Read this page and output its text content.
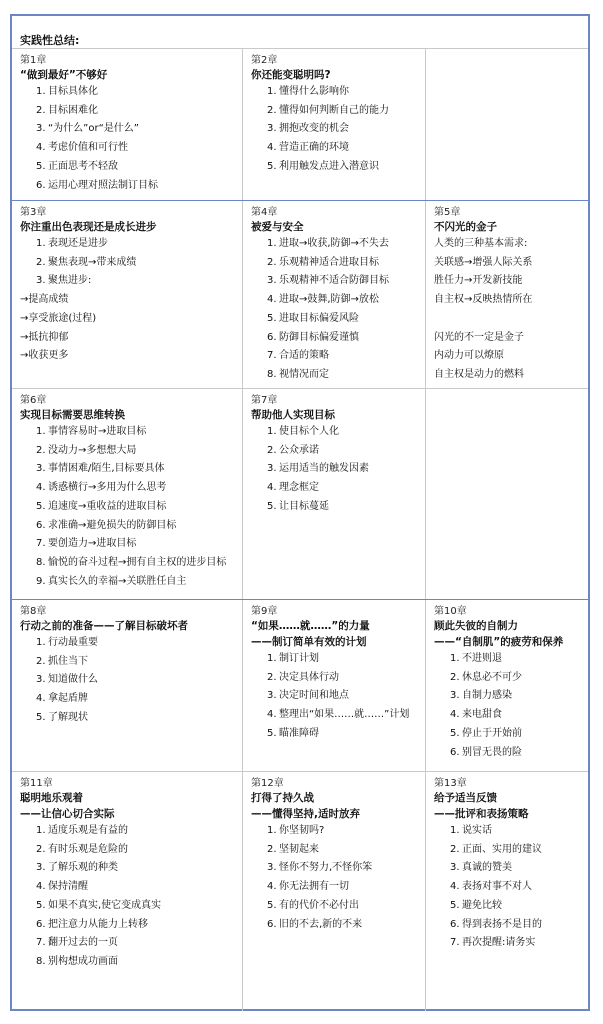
实践性总结:
第1章
“做到最好”不够好
1. 目标具体化
2. 目标困难化
3. “为什么”or“是什么”
4. 考虑价值和可行性
5. 正面思考不轻敌
6. 运用心理对照法制订目标
第2章
你还能变聪明吗?
1. 懂得什么影响你
2. 懂得如何判断自己的能力
3. 拥抱改变的机会
4. 营造正确的环境
5. 利用触发点进入潜意识
第3章
你注重出色表现还是成长进步
1. 表现还是进步
2. 聚焦表现→带来成绩
3. 聚焦进步:
→提高成绩
→享受旅途(过程)
→抵抗抑郁
→收获更多
第4章
被爱与安全
1. 进取→收获,防御→不失去
2. 乐观精神适合进取目标
3. 乐观精神不适合防御目标
4. 进取→鼓舞,防御→放松
5. 进取目标偏爱风险
6. 防御目标偏爱谨慎
7. 合适的策略
8. 视情况而定
第5章
不闪光的金子
人类的三种基本需求:
关联感→增强人际关系
胜任力→开发新技能
自主权→反映热情所在
闪光的不一定是金子
内动力可以燎原
自主权是动力的燃料
第6章
实现目标需要思维转换
1. 事情容易时→进取目标
2. 没动力→多想想大局
3. 事情困难/陌生,目标要具体
4. 诱惑横行→多用为什么思考
5. 追速度→重收益的进取目标
6. 求准确→避免损失的防御目标
7. 要创造力→进取目标
8. 愉悦的奋斗过程→拥有自主权的进步目标
9. 真实长久的幸福→关联胜任自主
第7章
帮助他人实现目标
1. 使目标个人化
2. 公众承诺
3. 运用适当的触发因素
4. 理念框定
5. 让目标蔓延
第8章
行动之前的准备——了解目标破坏者
1. 行动最重要
2. 抓住当下
3. 知道做什么
4. 拿起盾牌
5. 了解现状
第9章
“如果……就……”的力量
——制订简单有效的计划
1. 制订计划
2. 决定具体行动
3. 决定时间和地点
4. 整理出“如果……就……”计划
5. 瞄准障碍
第10章
顾此失彼的自制力
——“自制肌”的疲劳和保养
1. 不进则退
2. 休息必不可少
3. 自制力感染
4. 来电甜食
5. 停止于开始前
6. 别冒无畏的险
第11章
聪明地乐观着
——让信心切合实际
1. 适度乐观是有益的
2. 有时乐观是危险的
3. 了解乐观的种类
4. 保持清醒
5. 如果不真实,使它变成真实
6. 把注意力从能力上转移
7. 翻开过去的一页
8. 别构想成功画面
第12章
打得了持久战
——懂得坚持,适时放弃
1. 你坚韧吗?
2. 坚韧起来
3. 怪你不努力,不怪你笨
4. 你无法拥有一切
5. 有的代价不必付出
6. 旧的不去,新的不来
第13章
给予适当反馈
——批评和表扬策略
1. 说实话
2. 正面、实用的建议
3. 真诚的赞美
4. 表扬对事不对人
5. 避免比较
6. 得到表扬不是目的
7. 再次提醒:请务实
